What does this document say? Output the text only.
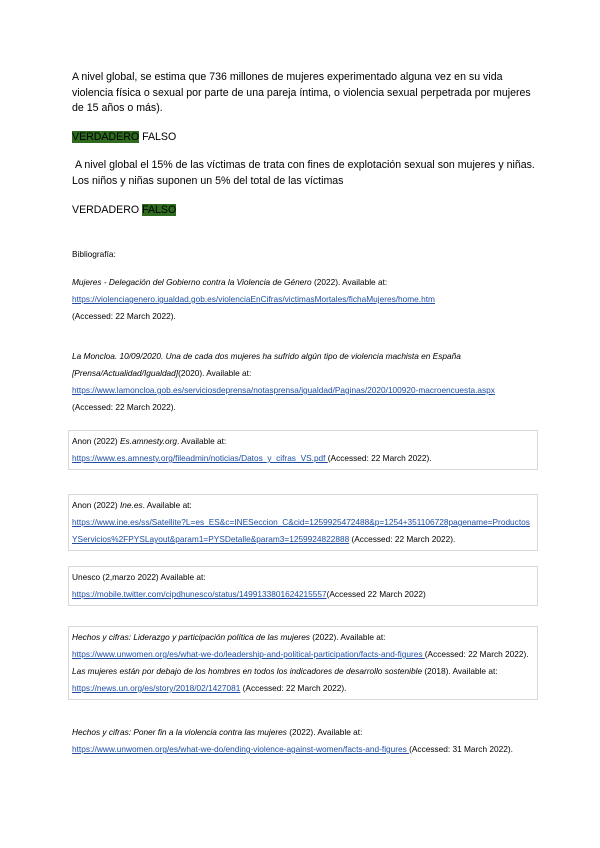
A nivel global, se estima que 736 millones de mujeres experimentado alguna vez en su vida violencia física o sexual por parte de una pareja íntima, o violencia sexual perpetrada por mujeres de 15 años o más).
VERDADERO FALSO
A nivel global el 15% de las víctimas de trata con fines de explotación sexual son mujeres y niñas. Los niños y niñas suponen un 5% del total de las víctimas
VERDADERO FALSO
Bibliografía:
Mujeres - Delegación del Gobierno contra la Violencia de Género (2022). Available at:
https://violenciagenero.igualdad.gob.es/violenciaEnCifras/victimasMortales/fichaMujeres/home.htm
(Accessed: 22 March 2022).
La Moncloa. 10/09/2020. Una de cada dos mujeres ha sufrido algún tipo de violencia machista en España [Prensa/Actualidad/Igualdad](2020). Available at:
https://www.lamoncloa.gob.es/serviciosdeprensa/notasprensa/igualdad/Paginas/2020/100920-macroencuesta.aspx (Accessed: 22 March 2022).
Anon (2022) Es.amnesty.org. Available at:
https://www.es.amnesty.org/fileadmin/noticias/Datos_y_cifras_VS.pdf (Accessed: 22 March 2022).
Anon (2022) Ine.es. Available at:
https://www.ine.es/ss/Satellite?L=es_ES&c=INESeccion_C&cid=1259925472488&p=1254+351106728pagename=ProductosYServicios%2FPYSLayout&param1=PYSDetalle&param3=1259924822888 (Accessed: 22 March 2022).
Unesco (2,marzo 2022) Available at:
https://mobile.twitter.com/cipdhunesco/status/1499133801624215557(Accessed 22 March 2022)
Hechos y cifras: Liderazgo y participación política de las mujeres (2022). Available at:
https://www.unwomen.org/es/what-we-do/leadership-and-political-participation/facts-and-figures (Accessed: 22 March 2022).
Las mujeres están por debajo de los hombres en todos los indicadores de desarrollo sostenible (2018). Available at: https://news.un.org/es/story/2018/02/1427081 (Accessed: 22 March 2022).
Hechos y cifras: Poner fin a la violencia contra las mujeres (2022). Available at:
https://www.unwomen.org/es/what-we-do/ending-violence-against-women/facts-and-figures (Accessed: 31 March 2022).
